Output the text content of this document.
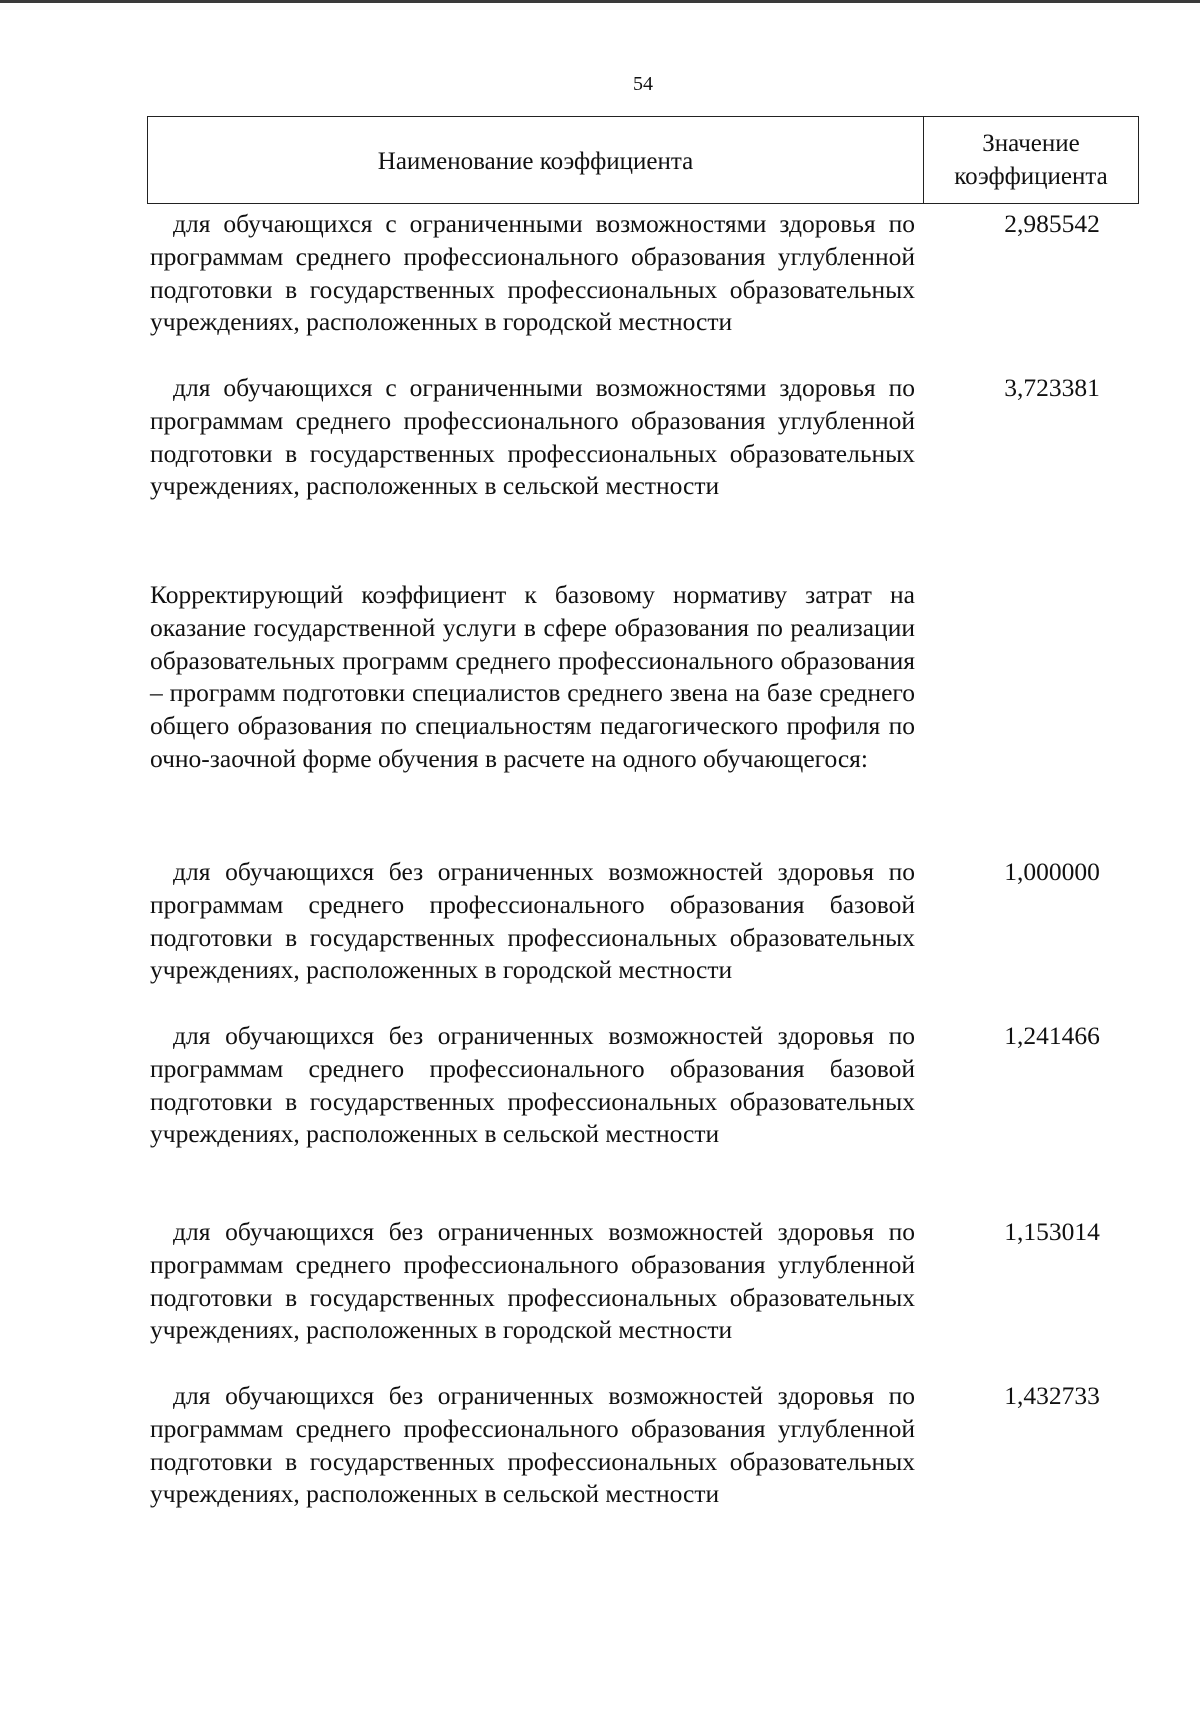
54
Наименование коэффициента
Значение
коэффициента
для обучающихся с ограниченными возможностями здоровья по программам среднего профессионального образования углубленной подготовки в государственных профессиональных образовательных учреждениях, расположенных в городской местности
2,985542
для обучающихся с ограниченными возможностями здоровья по программам среднего профессионального образования углубленной подготовки в государственных профессиональных образовательных учреждениях, расположенных в сельской местности
3,723381
Корректирующий коэффициент к базовому нормативу затрат на оказание государственной услуги в сфере образования по реализации образовательных программ среднего профессионального образования – программ подготовки специалистов среднего звена на базе среднего общего образования по специальностям педагогического профиля по очно-заочной форме обучения в расчете на одного обучающегося:
для обучающихся без ограниченных возможностей здоровья по программам среднего профессионального образования базовой подготовки в государственных профессиональных образовательных учреждениях, расположенных в городской местности
1,000000
для обучающихся без ограниченных возможностей здоровья по программам среднего профессионального образования базовой подготовки в государственных профессиональных образовательных учреждениях, расположенных в сельской местности
1,241466
для обучающихся без ограниченных возможностей здоровья по программам среднего профессионального образования углубленной подготовки в государственных профессиональных образовательных учреждениях, расположенных в городской местности
1,153014
для обучающихся без ограниченных возможностей здоровья по программам среднего профессионального образования углубленной подготовки в государственных профессиональных образовательных учреждениях, расположенных в сельской местности
1,432733
